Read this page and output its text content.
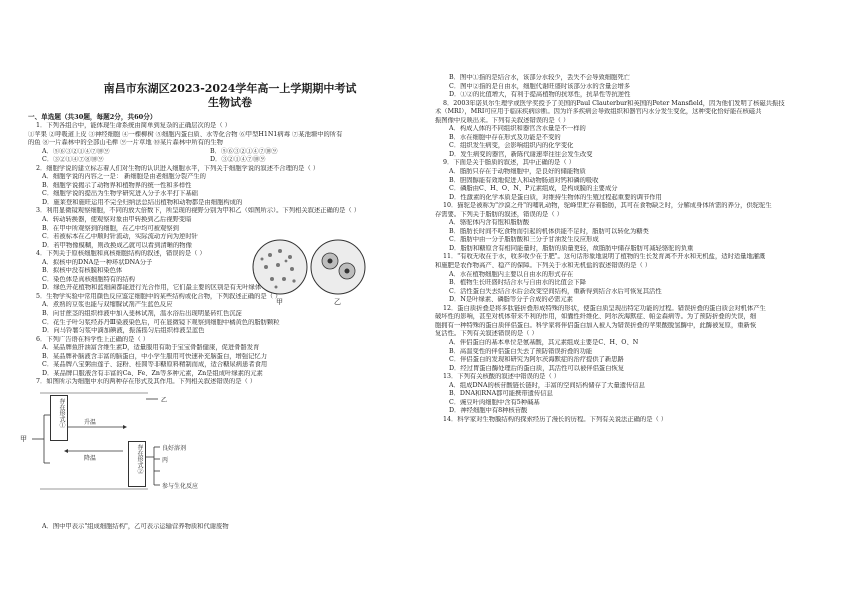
南昌市东湖区2023-2024学年高一上学期期中考试
生物试卷
一、单选题（共30题，每题2分，共60分）
1．下列各组合中，能体现生命系统由简单到复杂的正确层次的是（ ）
①苹果 ②呼吸道上皮 ③神经细胞 ④一棵柳树 ⑤细胞内蛋白质、水等化合物 ⑥甲型H1N1病毒 ⑦某池塘中的所有
的鱼 ⑧一片森林中的全部山毛榉 ⑨一片草地 ⑩某片森林中所有的生物
A．⑤⑥③②①④⑦⑩⑨	B．⑤⑥③②①④⑦⑩⑨
C．③②①④⑦⑧⑩⑨	D．③②①④⑦⑩⑨
2．细胞学说的建立标志着人们对生物的认识进入细胞水平，下列关于细胞学说的叙述不合理的是（ ）
A．细胞学说的内容之一是： 新细胞是由老细胞分裂产生的
B．细胞学说揭示了动物界和植物界的统一性和多样性
C．细胞学说的提出为生物学研究进入分子水平打下基础
D．施莱登和施旺运用不完全归纳法总结出植物和动物都是由细胞构成的
3．利用显微镜观察细胞，不同的放大倍数下，所呈现的视野分别为甲和乙（如图所示）。下列相关叙述正确的是（ ）
A．转动转换器，使观察对象由甲转换到乙后视野变暗
B．在甲中所观察到的细胞，在乙中均可被观察到
C．若被标本在乙中顺时针流动，实际流动方向为逆时针
D．若甲物像模糊，则改换成乙就可以看到清晰的物像
4．下列关于原核细胞和真核细胞结构的叙述，错误的是（ ）
A．拟核中的DNA是一种环状DNA分子
B．拟核中没有核膜和染色体
C．染色体是真核细胞特有的结构
D．绿色开花植物和蓝细菌都能进行光合作用，它们最主要的区别是有无叶绿体
5．生物学实验中常用颜色反应鉴定细胞中的某些结构或化合物，下列叙述正确的是（ ）
A．煮熟的豆浆也能与双缩脲试剂产生蓝色反应
B．向甘蔗茎的组织样液中加入斐林试剂，温水浴后出现明显砖红色沉淀
C．花生子叶匀浆经苏丹Ⅲ染液染色后，可在显微镜下观察到细胞中橘黄色的脂肪颗粒
D．向马铃薯匀浆中滴加碘液，振荡摇匀后组织样液呈蓝色
6．下列广告语在科学性上正确的是（ ）
A．某品牌鱼肝油富含维生素D，适量服用有助于宝宝骨骼健康，促进骨骼发育
B．某品牌补脑液含丰富的脑蛋白，中小学生服用可快速补充脑蛋白，增强记忆力
C．某品牌八宝粥由莲子、淀粉、桂圆等非糖原料精制而成，适合糖尿病患者食用
D．某品牌口服液含有丰富的Ca、Fe、Zn等多种元素，Zn是组成叶绿素的元素
7．如图所示为细胞中水的两种存在形式及其作用。下列相关叙述错误的是（ ）
甲	乙
甲
存在形式①
存在形式②
升温
降温
乙
良好溶剂
丙
参与生化反应
A．图中甲表示"组成细胞结构"，乙可表示运输营养物质和代谢废物
B．图中①指的是结合水，该部分水较少，丢失不会导致细胞死亡
C．图中②指的是自由水，细胞代谢旺盛时该部分水的含量会增多
D．①②的比值增大，有利于提高植物的抗寒性，抗旱性等抗逆性
8．2003年诺贝尔生理学或医学奖授予了美国的Paul Clauterbur和英国的Peter Mansfield，因为他们发明了核磁共振技
术（MRI），MRI可应用于临床疾病诊断。因为许多疾病会导致组织和器官内水分发生变化，这种变化恰好能在核磁共
振图像中反映出来。下列有关叙述错误的是（ ）
A．构成人体的不同组织和器官含水量是不一样的
B．水在细胞中存在形式及功能是不变的
C．组织发生病变，会影响组织内的化学变化
D．发生病变的器官，新陈代谢速率往往会发生改变
9．下面是关于脂质的叙述，其中正确的是（ ）
A．脂肪只存在于动物细胞中，是良好的储能物质
B．胆固醇能有效地促进人和动物肠道对钙和磷的吸收
C．磷脂由C、H、O、N、P元素组成，是构成膜的主要成分
D．性激素的化学本质是蛋白质，对维持生物体的生殖过程起重要的调节作用
10．猫驼是被称为"沙漠之舟"的哺乳动物，驼峰里贮存着脂肪，其可在食物缺乏时，分解成身体所需的养分，供驼驼生
存需要。下列关于脂肪的叙述，错误的是（ ）
A．骆驼体内含有饱和脂肪酸
B．脂肪长时间不吃食物而引起的机体供能不足时，脂肪可以转化为糖类
C．脂肪中由一分子脂肪酸和三分子甘油发生反应形成
D．脂肪和糖原含有相同能量时，脂肪的质量更轻，故脂肪中储存脂肪可减轻骆驼的负重
11．"有收无收在于水，收多收少在于肥"。这句话形象地说明了植物的生长发育离不开水和无机盐，适时适量地灌溉
和施肥是农作物高产、稳产的保障。下列关于水和无机盐的叙述错误的是（ ）
A．水在植物细胞内主要以自由水的形式存在
B．植物生长旺盛时结合水与自由水的比值会下降
C．活性蛋白失去结合水后会改变空间结构，重新得到结合水后可恢复其活性
D．N是叶绿素、磷脂等分子合成的必需元素
12．蛋白质折叠是将多肽链折叠形成特殊的形状，使蛋白质呈现出特定功能的过程。错误折叠的蛋白质会对机体产生
破坏性的影响，甚至对机体带来不利的作用，如囊性纤维化、阿尔茨海默症、帕金森病等。为了预防折叠的失误，细
胞拥有一种特殊的蛋白质伴侣蛋白。科学家将伴侣蛋白加入被人为错误折叠的苹果酸脱氢酶中，此酶被复原，重新恢
复活性。下列有关叙述错误的是（ ）
A．伴侣蛋白的基本单位是氨基酸，其元素组成主要是C、H、O、N
B．高温变性的伴侣蛋白失去了预防错误折叠的功能
C．伴侣蛋白的发现和研究为阿尔茨海默症的治疗提供了新思路
D．经过胃蛋白酶处理后的蛋白质，其活性可以被伴侣蛋白恢复
13．下列有关核酸的叙述中错误的是（ ）
A．组成DNA的核苷酸链长链时，丰富的空间结构储存了大量遗传信息
B．DNA和RNA都可能携带遗传信息
C．豌豆叶肉细胞中含有5种碱基
D．神经细胞中有8种核苷酸
14．科学家对生物膜结构的探索经历了漫长的历程。下列有关说法正确的是（ ）
